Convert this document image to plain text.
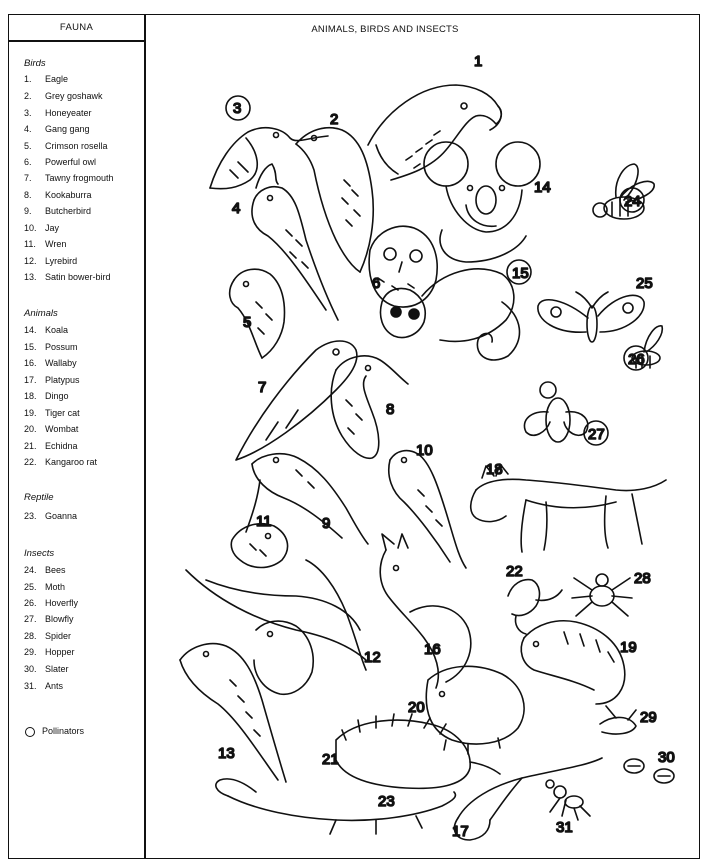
FAUNA	ANIMALS, BIRDS AND INSECTS
Birds
1. Eagle
2. Grey goshawk
3. Honeyeater
4. Gang gang
5. Crimson rosella
6. Powerful owl
7. Tawny frogmouth
8. Kookaburra
9. Butcherbird
10. Jay
11. Wren
12. Lyrebird
13. Satin bower-bird
Animals
14. Koala
15. Possum
16. Wallaby
17. Platypus
18. Dingo
19. Tiger cat
20. Wombat
21. Echidna
22. Kangaroo rat
Reptile
23. Goanna
Insects
24. Bees
25. Moth
26. Hoverfly
27. Blowfly
28. Spider
29. Hopper
30. Slater
31. Ants
Pollinators
1
2
3
4
5
6
7
8
9
10
11
12
13
14
15
16
17
18
19
20
21
22
23
24
25
26
27
28
29
30
31
